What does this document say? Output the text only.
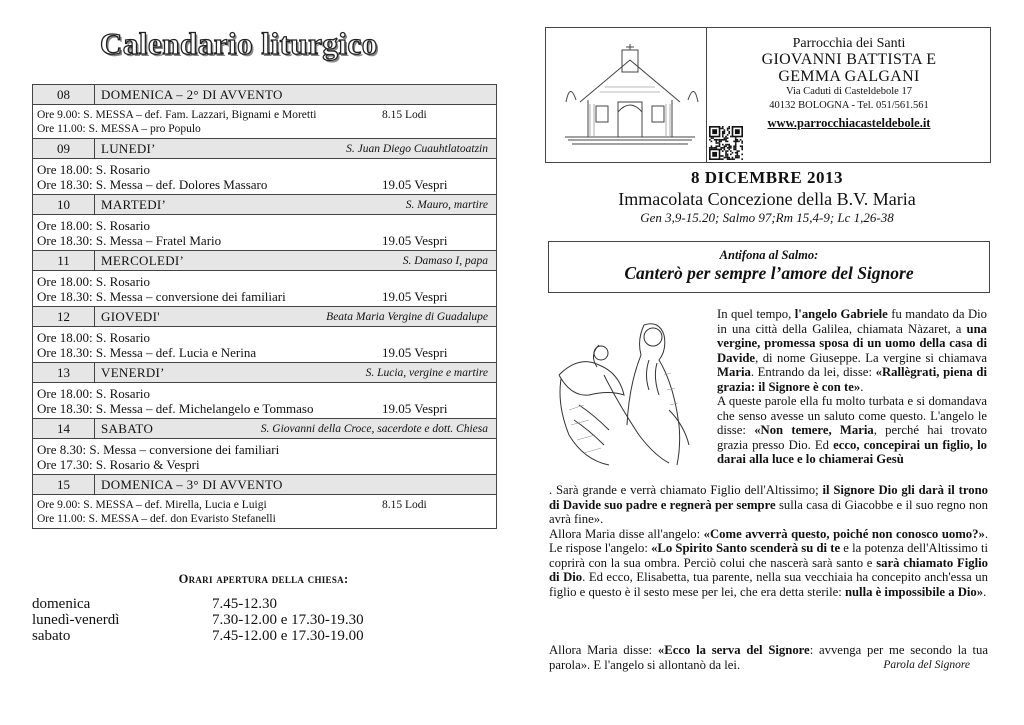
Calendario liturgico
08	DOMENICA – 2° DI AVVENTO
Ore 9.00: S. MESSA – def. Fam. Lazzari, Bignami e Moretti	8.15 Lodi
Ore 11.00: S. MESSA – pro Populo
09	LUNEDI’	S. Juan Diego Cuauhtlatoatzin
Ore 18.00: S. Rosario
Ore 18.30: S. Messa – def. Dolores Massaro	19.05 Vespri
10	MARTEDI’	S. Mauro, martire
Ore 18.00: S. Rosario
Ore 18.30: S. Messa – Fratel Mario	19.05 Vespri
11	MERCOLEDI’	S. Damaso I, papa
Ore 18.00: S. Rosario
Ore 18.30: S. Messa – conversione dei familiari	19.05 Vespri
12	GIOVEDI'	Beata Maria Vergine di Guadalupe
Ore 18.00: S. Rosario
Ore 18.30: S. Messa – def. Lucia e Nerina	19.05 Vespri
13	VENERDI’	S. Lucia, vergine e martire
Ore 18.00: S. Rosario
Ore 18.30: S. Messa – def. Michelangelo e Tommaso	19.05 Vespri
14	SABATO	S. Giovanni della Croce, sacerdote e dott. Chiesa
Ore 8.30: S. Messa – conversione dei familiari
Ore 17.30: S. Rosario & Vespri
15	DOMENICA – 3° DI AVVENTO
Ore 9.00: S. MESSA – def. Mirella, Lucia e Luigi	8.15 Lodi
Ore 11.00: S. MESSA – def. don Evaristo Stefanelli
Orari apertura della chiesa:
domenica	7.45-12.30
lunedì-venerdì	7.30-12.00 e 17.30-19.30
sabato	7.45-12.00 e 17.30-19.00
Parrocchia dei Santi
GIOVANNI BATTISTA E
GEMMA GALGANI
Via Caduti di Casteldebole 17
40132 BOLOGNA - Tel. 051/561.561
www.parrocchiacasteldebole.it
8 DICEMBRE 2013
Immacolata Concezione della B.V. Maria
Gen 3,9-15.20; Salmo 97;Rm 15,4-9; Lc 1,26-38
Antifona al Salmo:
Canterò per sempre l’amore del Signore
In quel tempo, l'angelo Gabriele fu mandato da Dio in una città della Galilea, chiamata Nàzaret, a una vergine, promessa sposa di un uomo della casa di Davide, di nome Giuseppe. La vergine si chiamava Maria. Entrando da lei, disse: «Rallègrati, piena di grazia: il Signore è con te».
A queste parole ella fu molto turbata e si domandava che senso avesse un saluto come questo. L'angelo le disse: «Non temere, Maria, perché hai trovato grazia presso Dio. Ed ecco, concepirai un figlio, lo darai alla luce e lo chiamerai Gesù
. Sarà grande e verrà chiamato Figlio dell'Altissimo; il Signore Dio gli darà il trono di Davide suo padre e regnerà per sempre sulla casa di Giacobbe e il suo regno non avrà fine».
Allora Maria disse all'angelo: «Come avverrà questo, poiché non conosco uomo?». Le rispose l'angelo: «Lo Spirito Santo scenderà su di te e la potenza dell'Altissimo ti coprirà con la sua ombra. Perciò colui che nascerà sarà santo e sarà chiamato Figlio di Dio. Ed ecco, Elisabetta, tua parente, nella sua vecchiaia ha concepito anch'essa un figlio e questo è il sesto mese per lei, che era detta sterile: nulla è impossibile a Dio».
Allora Maria disse: «Ecco la serva del Signore: avvenga per me secondo la tua parola». E l'angelo si allontanò da lei.	Parola del Signore
